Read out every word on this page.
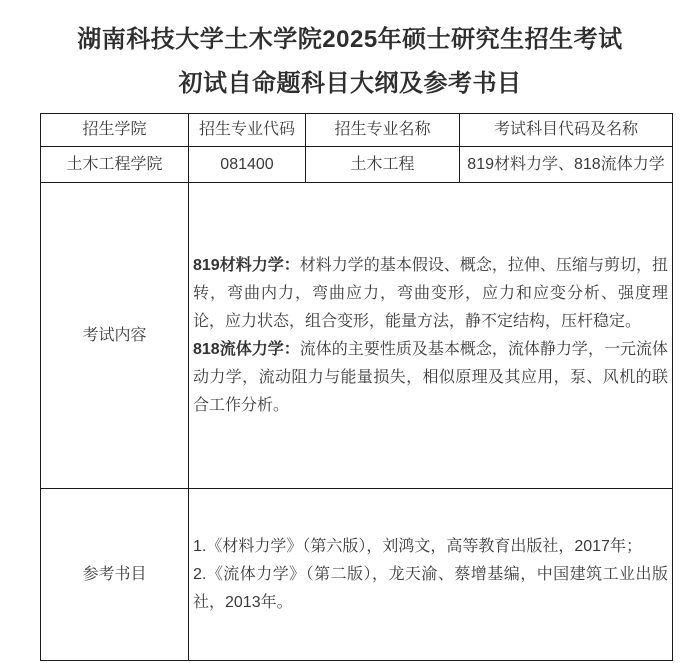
湖南科技大学土木学院2025年硕士研究生招生考试
初试自命题科目大纲及参考书目
招生学院	招生专业代码	招生专业名称	考试科目代码及名称
土木工程学院	081400	土木工程	819材料力学、818流体力学
考试内容	819材料力学：材料力学的基本假设、概念，拉伸、压缩与剪切，扭转，弯曲内力，弯曲应力，弯曲变形，应力和应变分析、强度理论，应力状态，组合变形，能量方法，静不定结构，压杆稳定。

818流体力学：流体的主要性质及基本概念，流体静力学，一元流体动力学，流动阻力与能量损失，相似原理及其应用，泵、风机的联合工作分析。		

参考书目	1.《材料力学》（第六版），刘鸿文，高等教育出版社，2017年；

2.《流体力学》（第二版），龙天渝、蔡增基编，中国建筑工业出版社，2013年。		
